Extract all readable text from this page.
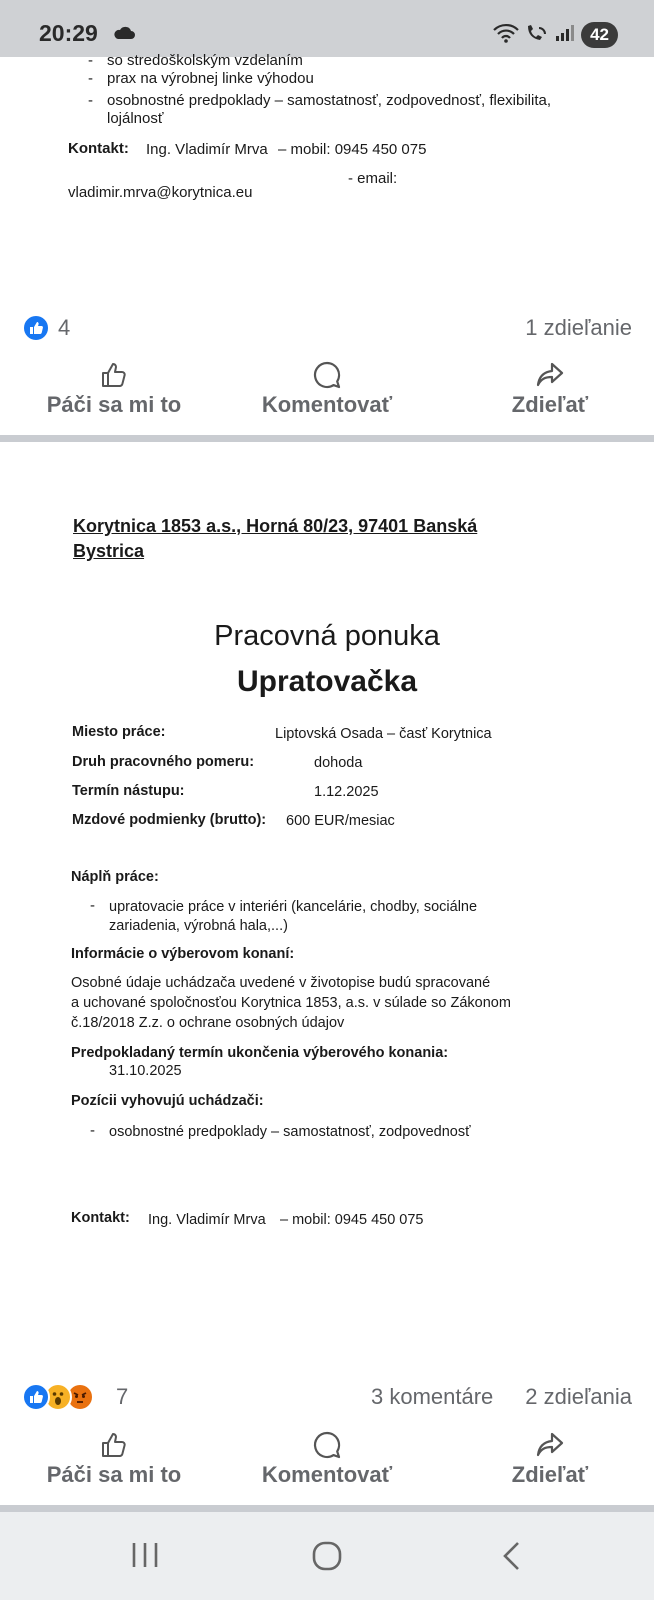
20:29	42
- so stredoškolským vzdelaním
- prax na výrobnej linke výhodou
- osobnostné predpoklady – samostatnosť, zodpovednosť, flexibilita,
lojálnosť
Kontakt: Ing. Vladimír Mrva – mobil: 0945 450 075
- email:
vladimir.mrva@korytnica.eu
4	1 zdieľanie
Páči sa mi to	Komentovať	Zdieľať
Korytnica 1853 a.s., Horná 80/23, 97401 Banská
Bystrica
Pracovná ponuka
Upratovačka
Miesto práce:	Liptovská Osada – časť Korytnica
Druh pracovného pomeru:	dohoda
Termín nástupu:	1.12.2025
Mzdové podmienky (brutto): 600 EUR/mesiac
Náplň práce:
- upratovacie práce v interiéri (kancelárie, chodby, sociálne
zariadenia, výrobná hala,...)
Informácie o výberovom konaní:
Osobné údaje uchádzača uvedené v životopise budú spracované
a uchované spoločnosťou Korytnica 1853, a.s. v súlade so Zákonom
č.18/2018 Z.z. o ochrane osobných údajov
Predpokladaný termín ukončenia výberového konania:
31.10.2025
Pozícii vyhovujú uchádzači:
- osobnostné predpoklady – samostatnosť, zodpovednosť
Kontakt: Ing. Vladimír Mrva – mobil: 0945 450 075
7	3 komentáre 2 zdieľania
Páči sa mi to	Komentovať	Zdieľať
